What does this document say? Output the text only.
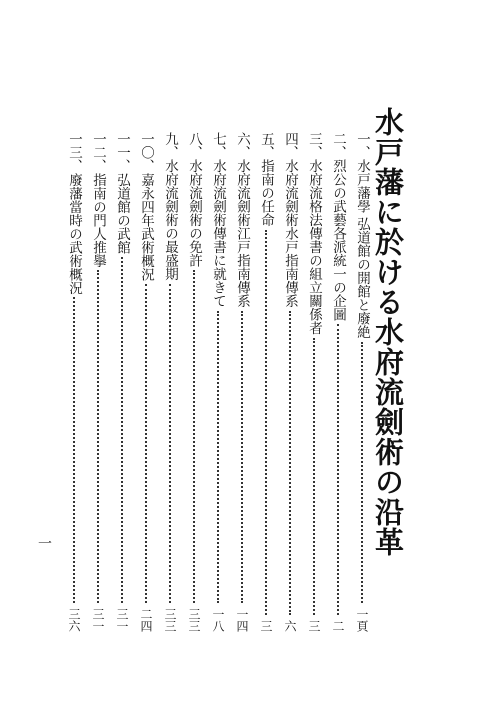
水戸藩に於ける水府流劍術の沿革
一、
水戸藩學 弘道館の開館と廢絶
一頁
二、
烈公の武藝各派統一の企圖
二
三、
水府流格法傳書の組立關係者
三
四、
水府流劍術水戸指南傳系
六
五、
指南の任命
三
六、
水府流劍術江戸指南傳系
一四
七、
水府流劍術傳書に就きて
一八
八、
水府流劍術の免許
三三
九、
水府流劍術の最盛期
三三
一〇、
嘉永四年武術概況
二四
一一、
弘道館の武館
三一
一二、
指南の門人推擧
三一
一三、
廢藩當時の武術概況
三六
一
